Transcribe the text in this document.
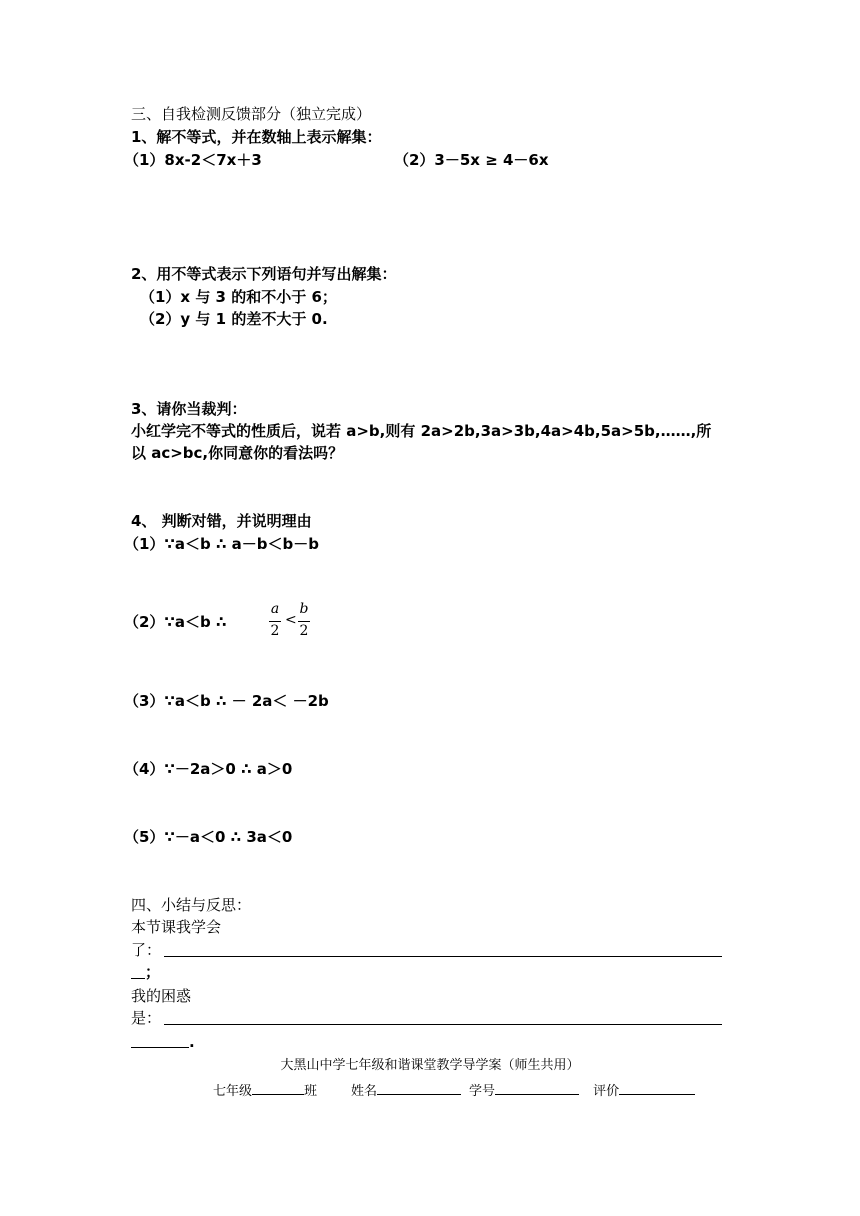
三、自我检测反馈部分（独立完成）
1、解不等式，并在数轴上表示解集：
（1）8x-2＜7x＋3	（2）3－5x ≥ 4－6x
2、用不等式表示下列语句并写出解集：
（1）x 与 3 的和不小于 6；
（2）y 与 1 的差不大于 0.
3、请你当裁判：
小红学完不等式的性质后，说若 a>b,则有 2a>2b,3a>3b,4a>4b,5a>5b,……,所
以 ac>bc,你同意你的看法吗？
4、 判断对错，并说明理由
（1）∵a＜b ∴ a－b＜b－b
（2）∵a＜b ∴
a
2
<
b
2
（3）∵a＜b ∴ － 2a＜ －2b
（4）∵－2a＞0 ∴ a＞0
（5）∵－a＜0 ∴ 3a＜0
四、小结与反思：
本节课我学会
了：
；
我的困惑
是：
.
大黑山中学七年级和谐课堂教学导学案（师生共用）
七年级	班	姓名	学号	评价
